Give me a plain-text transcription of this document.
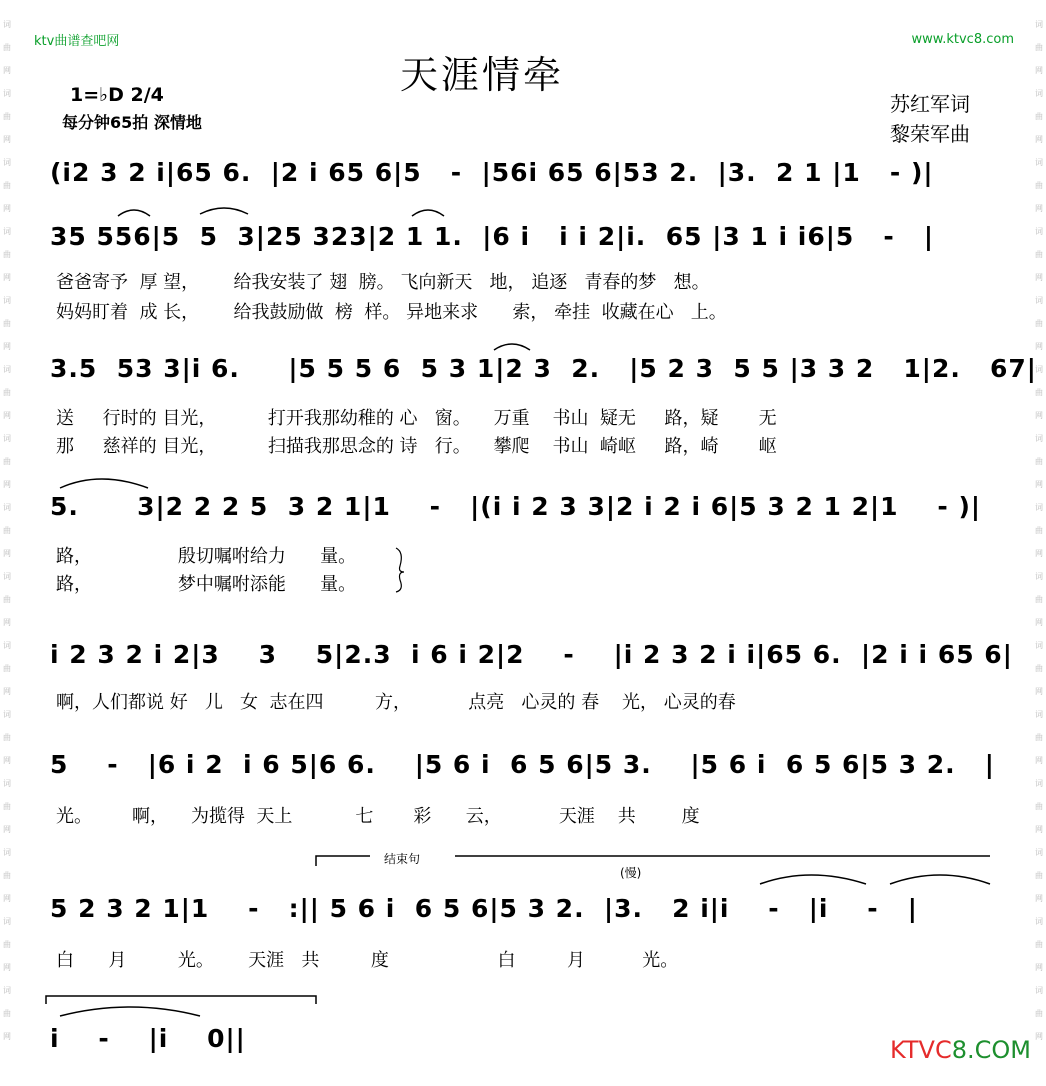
词
曲
网
词
曲
网
词
曲
网
词
曲
网
词
曲
网
词
曲
网
词
曲
网
词
曲
网
词
曲
网
词
曲
网
词
曲
网
词
曲
网
词
曲
网
词
曲
网
词
曲
网
词
曲
网
词
曲
网
词
曲
网
词
曲
网
词
曲
网
词
曲
网
词
曲
网
词
曲
网
词
曲
网
词
曲
网
词
曲
网
词
曲
网
词
曲
网
词
曲
网
词
曲
网
ktv曲谱查吧网	www.ktvc8.com
天涯情牵
1=♭D 2/4
每分钟65拍 深情地
苏红军词
黎荣军曲
(i2 3 2 i|65 6.  |2 i 65 6|5   -  |56i 65 6|53 2.  |3.  2 1 |1   - )|
35 556|5  5  3|25 323|2 1 1.  |6 i   i i 2|i.  65 |3 1 i i6|5   -   |
爸爸寄予  厚 望，      给我安装了 翅  膀。 飞向新天   地， 追逐   青春的梦   想。
妈妈盯着  成 长，      给我鼓励做  榜  样。 异地来求      索， 牵挂  收藏在心   上。
3.5  53 3|i 6.     |5 5 5 6  5 3 1|2 3  2.   |5 2 3  5 5 |3 3 2   1|2.   67|
送     行时的 目光，         打开我那幼稚的 心   窗。    万重    书山  疑无     路，疑       无
那     慈祥的 目光，         扫描我那思念的 诗   行。    攀爬    书山  崎岖     路，崎       岖
5.      3|2 2 2 5  3 2 1|1    -   |(i i 2 3 3|2 i 2 i 6|5 3 2 1 2|1    - )|
路，               殷切嘱咐给力      量。
路，               梦中嘱咐添能      量。
i 2 3 2 i 2|3    3    5|2.3  i 6 i 2|2    -    |i 2 3 2 i i|65 6.  |2 i i 65 6|
啊，人们都说 好   儿   女  志在四         方，          点亮   心灵的 春    光， 心灵的春
5    -   |6 i 2  i 6 5|6 6.    |5 6 i  6 5 6|5 3.    |5 6 i  6 5 6|5 3 2.   |
光。       啊，    为揽得  天上           七       彩      云，          天涯    共        度
结束句
(慢)
5 2 3 2 1|1    -   :|| 5 6 i  6 5 6|5 3 2.  |3.   2 i|i    -   |i    -   |
白      月         光。      天涯   共         度                   白         月          光。
i    -    |i    0||	KTVC8.COM
